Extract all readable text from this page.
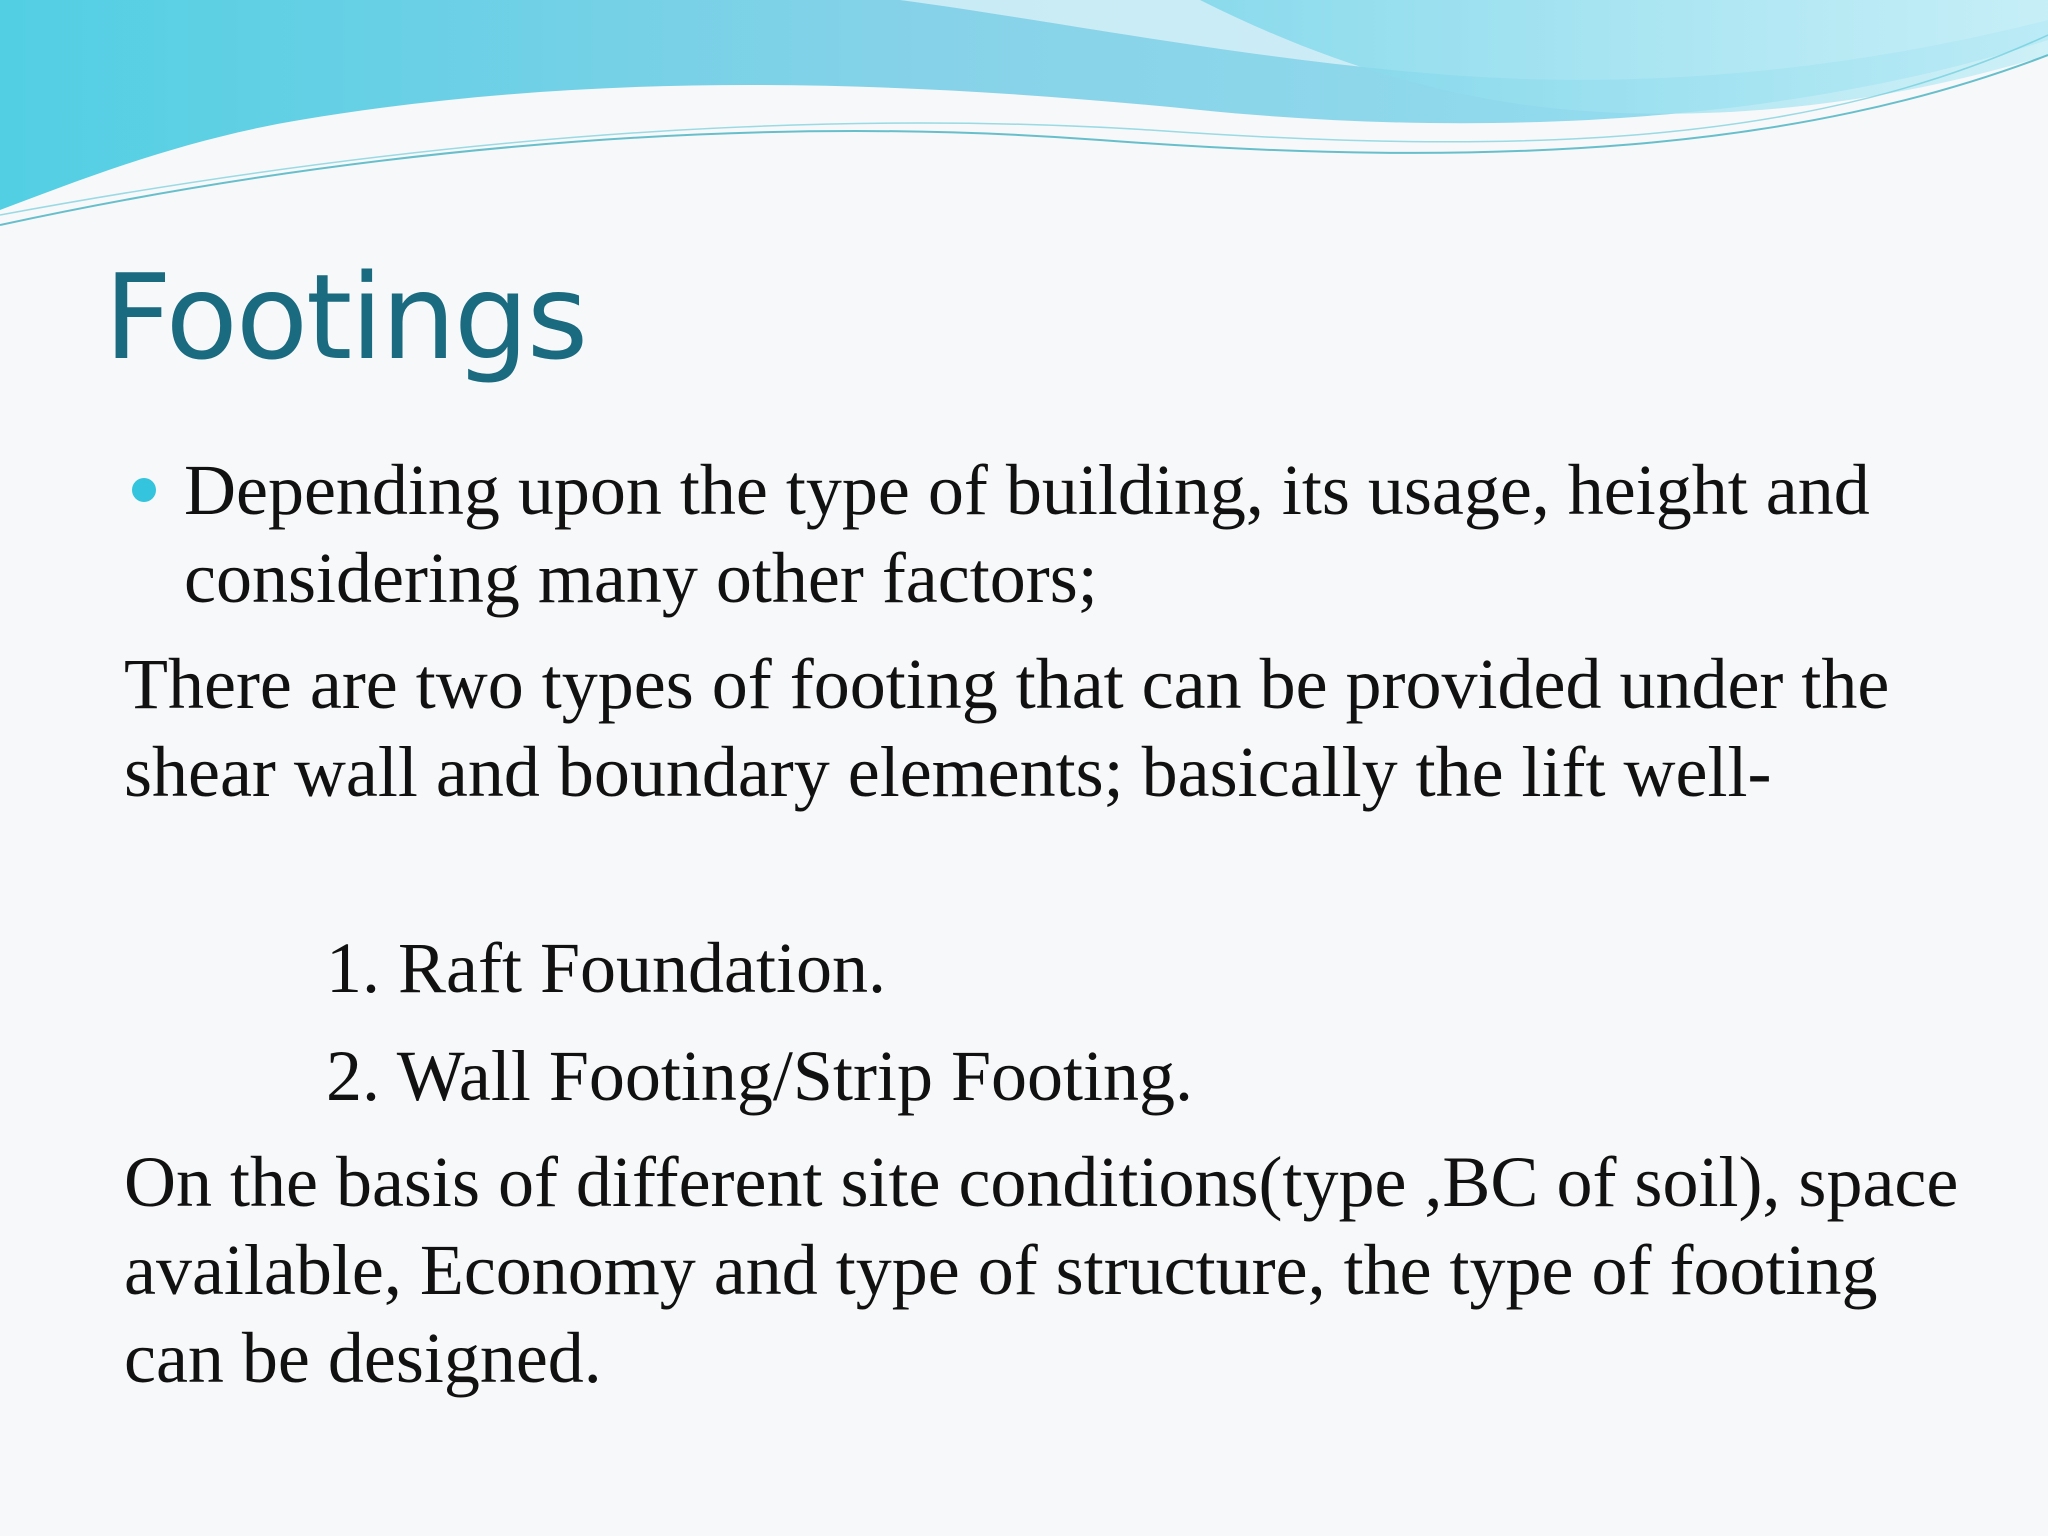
Footings

Depending upon the type of building, its usage, height and considering many other factors;

There are two types of footing that can be provided under the shear wall and boundary elements; basically the lift well-

1. Raft Foundation.

2. Wall Footing/Strip Footing.

On the basis of different site conditions(type ,BC of soil), space available, Economy and type of structure, the type of footing can be designed.
